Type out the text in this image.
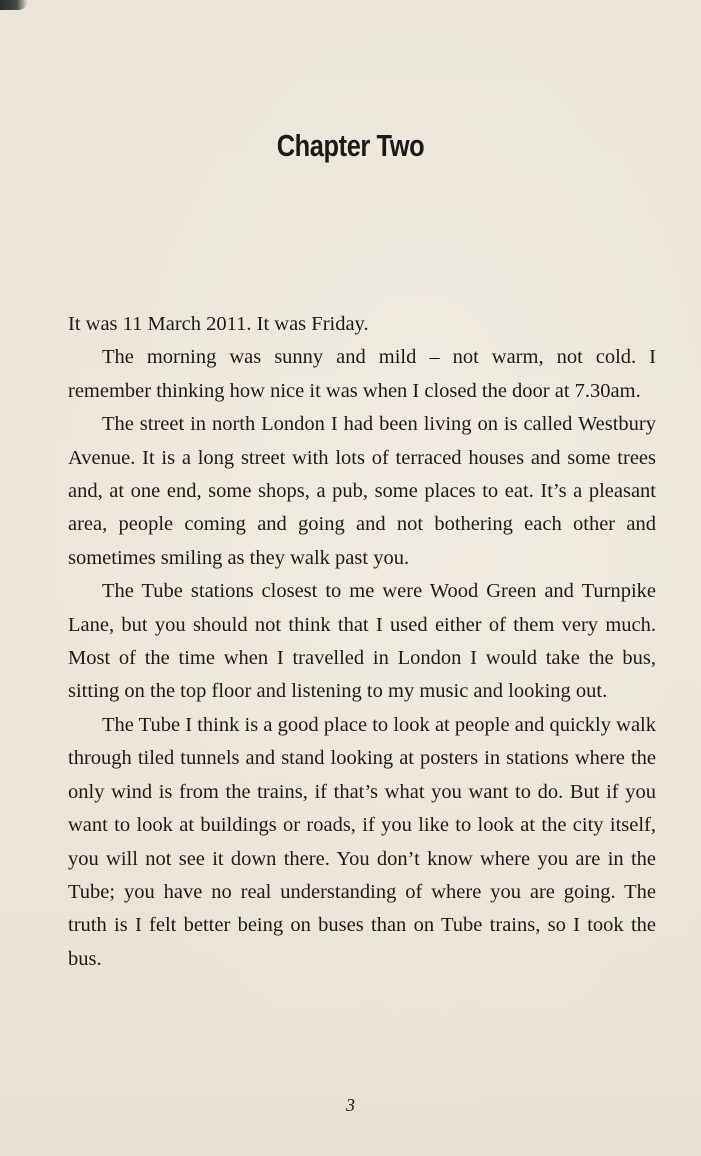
Chapter Two

It was 11 March 2011. It was Friday.

The morning was sunny and mild – not warm, not cold. I remember thinking how nice it was when I closed the door at 7.30am.

The street in north London I had been living on is called Westbury Avenue. It is a long street with lots of terraced houses and some trees and, at one end, some shops, a pub, some places to eat. It’s a pleasant area, people coming and going and not bothering each other and sometimes smiling as they walk past you.

The Tube stations closest to me were Wood Green and Turnpike Lane, but you should not think that I used either of them very much. Most of the time when I travelled in London I would take the bus, sitting on the top floor and listening to my music and looking out.

The Tube I think is a good place to look at people and quickly walk through tiled tunnels and stand looking at posters in stations where the only wind is from the trains, if that’s what you want to do. But if you want to look at buildings or roads, if you like to look at the city itself, you will not see it down there. You don’t know where you are in the Tube; you have no real understanding of where you are going. The truth is I felt better being on buses than on Tube trains, so I took the bus.

3
